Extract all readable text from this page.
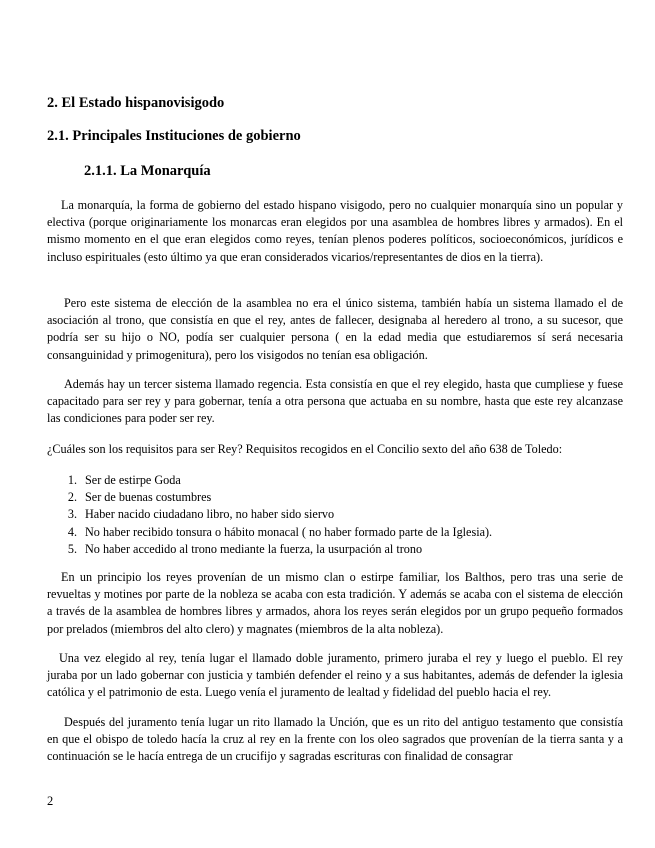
2. El Estado hispanovisigodo
2.1. Principales Instituciones de gobierno
2.1.1. La Monarquía

La monarquía, la forma de gobierno del estado hispano visigodo, pero no cualquier monarquía sino un popular y electiva (porque originariamente los monarcas eran elegidos por una asamblea de hombres libres y armados). En el mismo momento en el que eran elegidos como reyes, tenían plenos poderes políticos, socioeconómicos, jurídicos e incluso espirituales (esto último ya que eran considerados vicarios/representantes de dios en la tierra).

Pero este sistema de elección de la asamblea no era el único sistema, también había un sistema llamado el de asociación al trono, que consistía en que el rey, antes de fallecer, designaba al heredero al trono, a su sucesor, que podría ser su hijo o NO, podía ser cualquier persona ( en la edad media que estudiaremos sí será necesaria consanguinidad y primogenitura), pero los visigodos no tenían esa obligación.

Además hay un tercer sistema llamado regencia. Esta consistía en que el rey elegido, hasta que cumpliese y fuese capacitado para ser rey y para gobernar, tenía a otra persona que actuaba en su nombre, hasta que este rey alcanzase las condiciones para poder ser rey.

¿Cuáles son los requisitos para ser Rey? Requisitos recogidos en el Concilio sexto del año 638 de Toledo:

1 . Ser de estirpe Goda
2 . Ser de buenas costumbres
3 . Haber nacido ciudadano libro, no haber sido siervo
4 . No haber recibido tonsura o hábito monacal ( no haber formado parte de la Iglesia).
5 . No haber accedido al trono mediante la fuerza, la usurpación al trono

En un principio los reyes provenían de un mismo clan o estirpe familiar, los Balthos, pero tras una serie de revueltas y motines por parte de la nobleza se acaba con esta tradición. Y además se acaba con el sistema de elección a través de la asamblea de hombres libres y armados, ahora los reyes serán elegidos por un grupo pequeño formados por prelados (miembros del alto clero) y magnates (miembros de la alta nobleza).

Una vez elegido al rey, tenía lugar el llamado doble juramento, primero juraba el rey y luego el pueblo. El rey juraba por un lado gobernar con justicia y también defender el reino y a sus habitantes, además de defender la iglesia católica y el patrimonio de esta. Luego venía el juramento de lealtad y fidelidad del pueblo hacia el rey.

Después del juramento tenía lugar un rito llamado la Unción, que es un rito del antiguo testamento que consistía en que el obispo de toledo hacía la cruz al rey en la frente con los oleo sagrados que provenían de la tierra santa y a continuación se le hacía entrega de un crucifijo y sagradas escrituras con finalidad de consagrar

2
